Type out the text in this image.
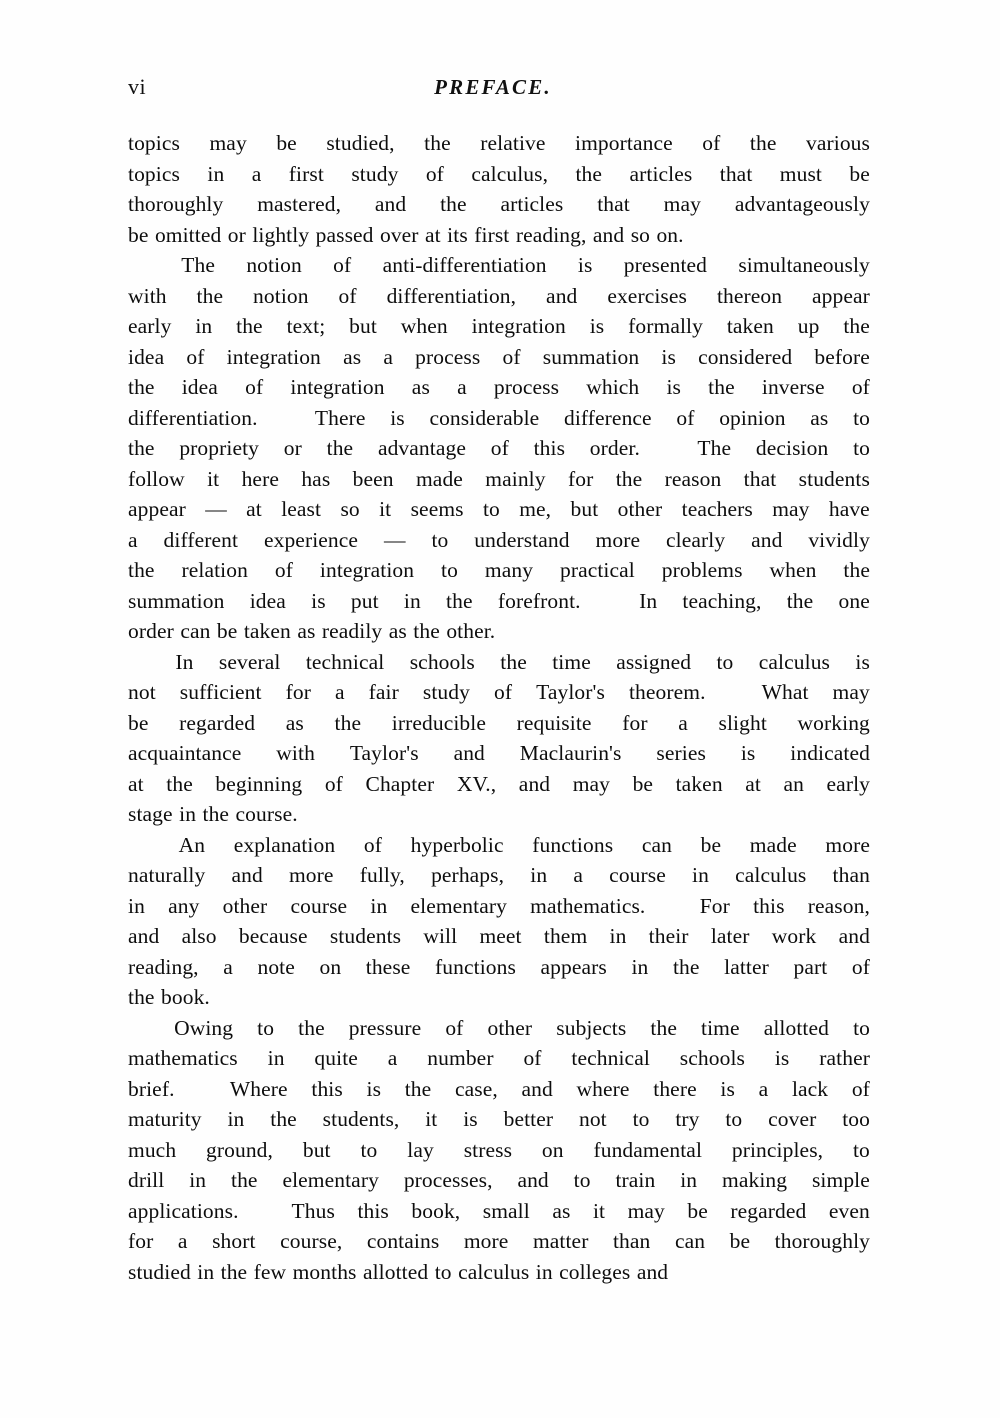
vi	PREFACE.

topics may be studied, the relative importance of the various
topics in a first study of calculus, the articles that must be
thoroughly mastered, and the articles that may advantageously
be omitted or lightly passed over at its first reading, and so on.

The notion of anti-differentiation is presented simultaneously
with the notion of differentiation, and exercises thereon appear
early in the text; but when integration is formally taken up the
idea of integration as a process of summation is considered before
the idea of integration as a process which is the inverse of
differentiation.	There is considerable difference of opinion as to
the propriety or the advantage of this order.	The decision to
follow it here has been made mainly for the reason that students
appear — at least so it seems to me, but other teachers may have
a different experience — to understand more clearly and vividly
the relation of integration to many practical problems when the
summation idea is put in the forefront.	In teaching, the one
order can be taken as readily as the other.

In several technical schools the time assigned to calculus is
not sufficient for a fair study of Taylor's theorem.	What may
be regarded as the irreducible requisite for a slight working
acquaintance with Taylor's and Maclaurin's series is indicated
at the beginning of Chapter XV., and may be taken at an early
stage in the course.

An explanation of hyperbolic functions can be made more
naturally and more fully, perhaps, in a course in calculus than
in any other course in elementary mathematics.	For this reason,
and also because students will meet them in their later work and
reading, a note on these functions appears in the latter part of
the book.

Owing to the pressure of other subjects the time allotted to
mathematics in quite a number of technical schools is rather
brief.	Where this is the case, and where there is a lack of
maturity in the students, it is better not to try to cover too
much ground, but to lay stress on fundamental principles, to
drill in the elementary processes, and to train in making simple
applications. Thus this book, small as it may be regarded even
for a short course, contains more matter than can be thoroughly
studied in the few months allotted to calculus in colleges and
